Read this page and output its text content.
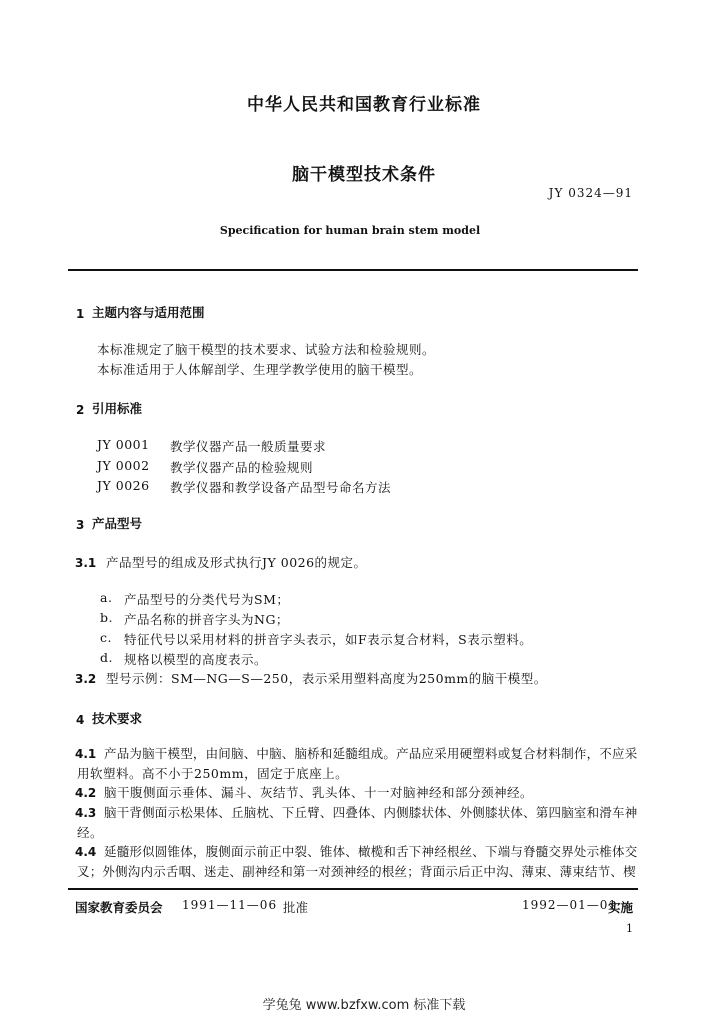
中华人民共和国教育行业标准
脑干模型技术条件
JY 0324—91
Specification for human brain stem model
1 主题内容与适用范围
本标准规定了脑干模型的技术要求、试验方法和检验规则。
本标准适用于人体解剖学、生理学教学使用的脑干模型。
2 引用标准
JY 0001 教学仪器产品一般质量要求
JY 0002 教学仪器产品的检验规则
JY 0026 教学仪器和教学设备产品型号命名方法
3 产品型号
3.1 产品型号的组成及形式执行JY 0026的规定。
a. 产品型号的分类代号为SM；
b. 产品名称的拼音字头为NG；
c. 特征代号以采用材料的拼音字头表示，如F表示复合材料，S表示塑料。
d. 规格以模型的高度表示。
3.2 型号示例：SM—NG—S—250，表示采用塑料高度为250mm的脑干模型。
4 技术要求
4.1 产品为脑干模型，由间脑、中脑、脑桥和延髓组成。产品应采用硬塑料或复合材料制作，不应采
用软塑料。高不小于250mm，固定于底座上。
4.2 脑干腹侧面示垂体、漏斗、灰结节、乳头体、十一对脑神经和部分颈神经。
4.3 脑干背侧面示松果体、丘脑枕、下丘臂、四叠体、内侧膝状体、外侧膝状体、第四脑室和滑车神
经。
4.4 延髓形似圆锥体，腹侧面示前正中裂、锥体、橄榄和舌下神经根丝、下端与脊髓交界处示椎体交
叉；外侧沟内示舌咽、迷走、副神经和第一对颈神经的根丝；背面示后正中沟、薄束、薄束结节、楔
国家教育委员会 1991—11—06 批准	1992—01—01
实施
1
学兔兔 www.bzfxw.com 标准下载
